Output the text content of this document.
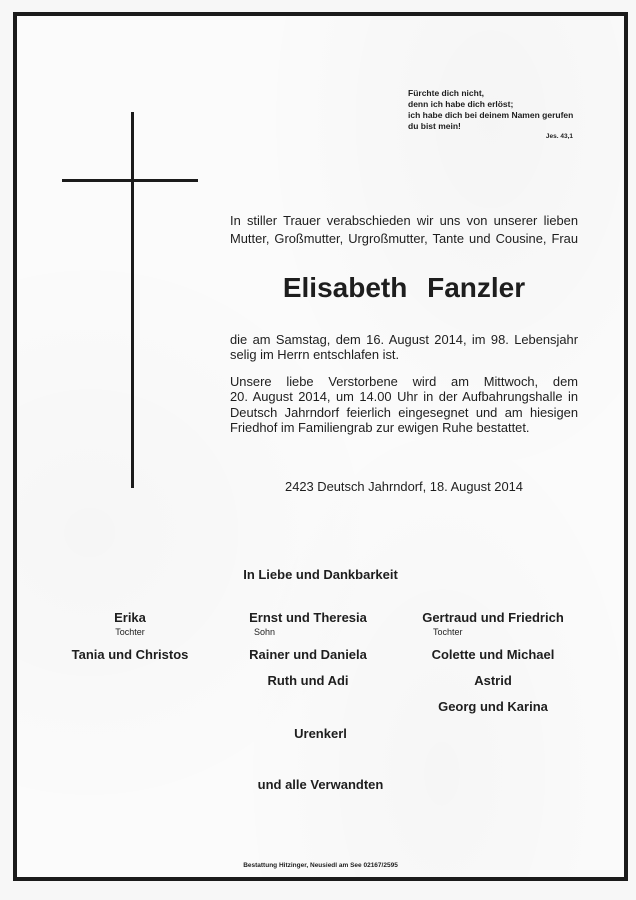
Fürchte dich nicht,
denn ich habe dich erlöst;
ich habe dich bei deinem Namen gerufen
du bist mein!
Jes. 43,1
In stiller Trauer verabschieden wir uns von unserer lieben
Mutter, Großmutter, Urgroßmutter, Tante und Cousine, Frau
Elisabeth Fanzler
die am Samstag, dem 16. August 2014, im 98. Lebensjahr
selig im Herrn entschlafen ist.
Unsere liebe Verstorbene wird am Mittwoch, dem
20. August 2014, um 14.00 Uhr in der Aufbahrungshalle in
Deutsch Jahrndorf feierlich eingesegnet und am hiesigen
Friedhof im Familiengrab zur ewigen Ruhe bestattet.
2423 Deutsch Jahrndorf, 18. August 2014
In Liebe und Dankbarkeit
Erika
Tochter
Tania und Christos
Ernst und Theresia
Sohn
Rainer und Daniela
Ruth und Adi
Gertraud und Friedrich
Tochter
Colette und Michael
Astrid
Georg und Karina
Urenkerl
und alle Verwandten
Bestattung Hitzinger, Neusiedl am See 02167/2595
